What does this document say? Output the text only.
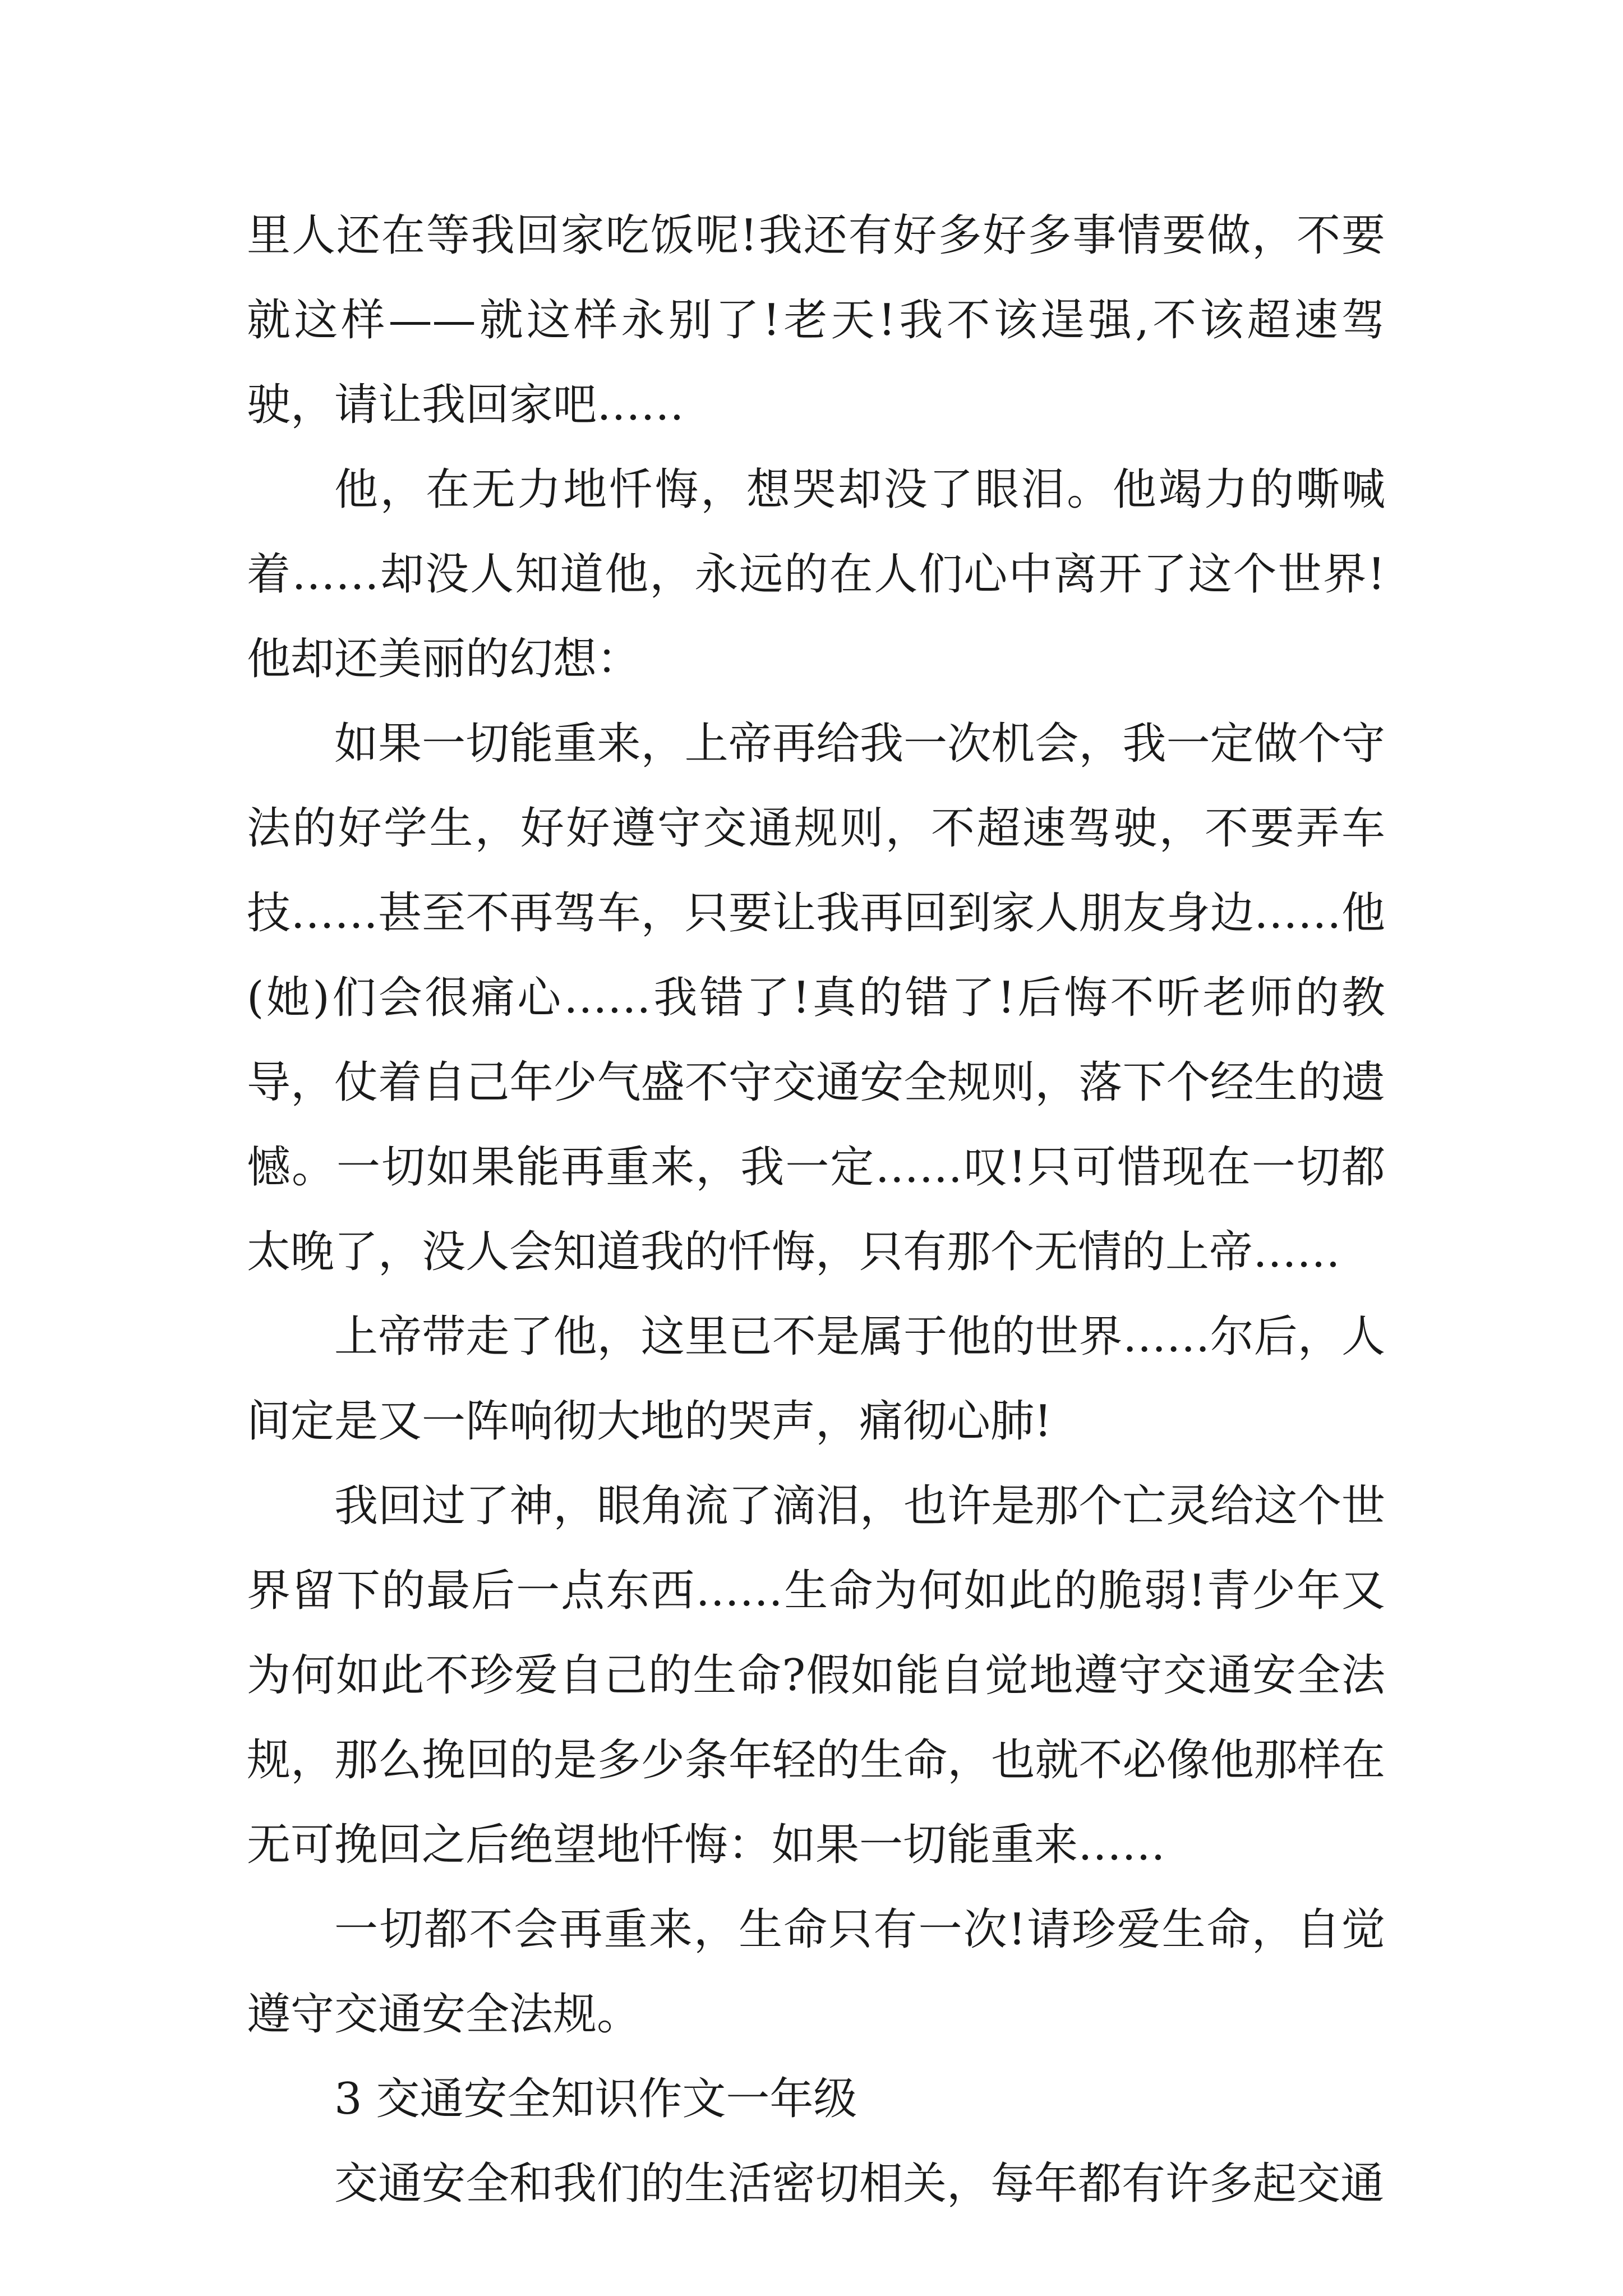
里人还在等我回家吃饭呢!我还有好多好多事情要做，不要就这样——就这样永别了!老天!我不该逞强,不该超速驾驶，请让我回家吧……

他，在无力地忏悔，想哭却没了眼泪。他竭力的嘶喊着……却没人知道他，永远的在人们心中离开了这个世界!他却还美丽的幻想：

如果一切能重来，上帝再给我一次机会，我一定做个守法的好学生，好好遵守交通规则，不超速驾驶，不要弄车技……甚至不再驾车，只要让我再回到家人朋友身边……他(她)们会很痛心……我错了!真的错了!后悔不听老师的教导，仗着自己年少气盛不守交通安全规则，落下个经生的遗憾。一切如果能再重来，我一定……叹!只可惜现在一切都太晚了，没人会知道我的忏悔，只有那个无情的上帝……

上帝带走了他，这里已不是属于他的世界……尔后，人间定是又一阵响彻大地的哭声，痛彻心肺!

我回过了神，眼角流了滴泪，也许是那个亡灵给这个世界留下的最后一点东西……生命为何如此的脆弱!青少年又为何如此不珍爱自己的生命?假如能自觉地遵守交通安全法规，那么挽回的是多少条年轻的生命，也就不必像他那样在无可挽回之后绝望地忏悔：如果一切能重来……

一切都不会再重来，生命只有一次!请珍爱生命，自觉遵守交通安全法规。

3 交通安全知识作文一年级

交通安全和我们的生活密切相关，每年都有许多起交通
